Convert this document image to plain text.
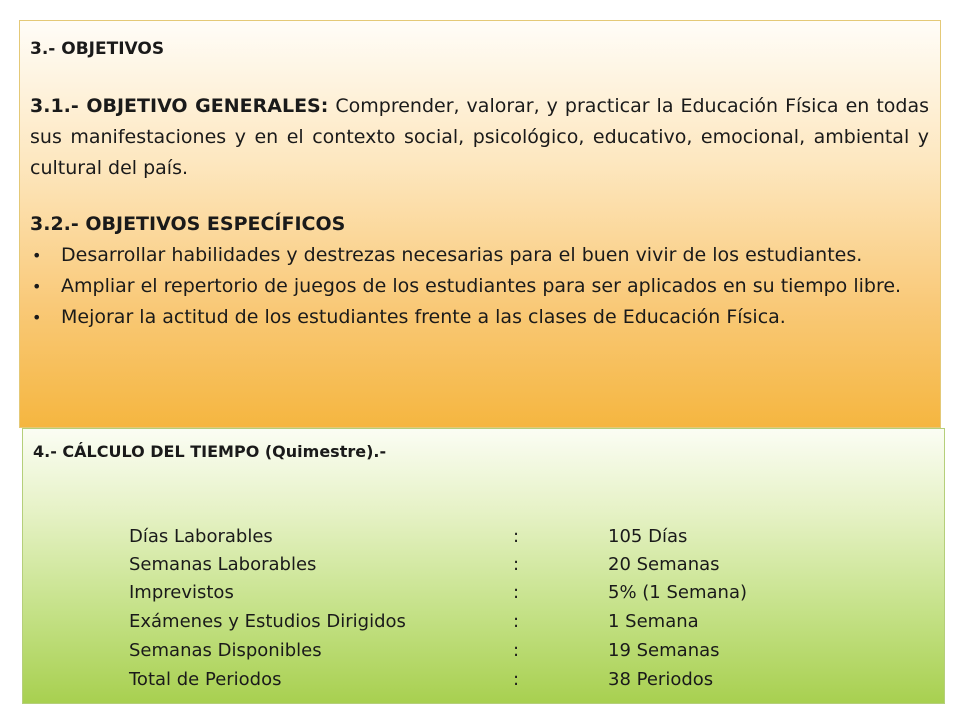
3.- OBJETIVOS

3.1.- OBJETIVO GENERALES: Comprender, valorar, y practicar la Educación Física en todas sus manifestaciones y en el contexto social, psicológico, educativo, emocional, ambiental y cultural del país.

3.2.- OBJETIVOS ESPECÍFICOS

• Desarrollar habilidades y destrezas necesarias para el buen vivir de los estudiantes.
• Ampliar el repertorio de juegos de los estudiantes para ser aplicados en su tiempo libre.
• Mejorar la actitud de los estudiantes frente a las clases de Educación Física.

4.- CÁLCULO DEL TIEMPO (Quimestre).-

Días Laborables	:	105 Días
Semanas Laborables	:	20 Semanas
Imprevistos	:	5% (1 Semana)
Exámenes y Estudios Dirigidos	:	1 Semana
Semanas Disponibles	:	19 Semanas
Total de Periodos	:	38 Periodos
